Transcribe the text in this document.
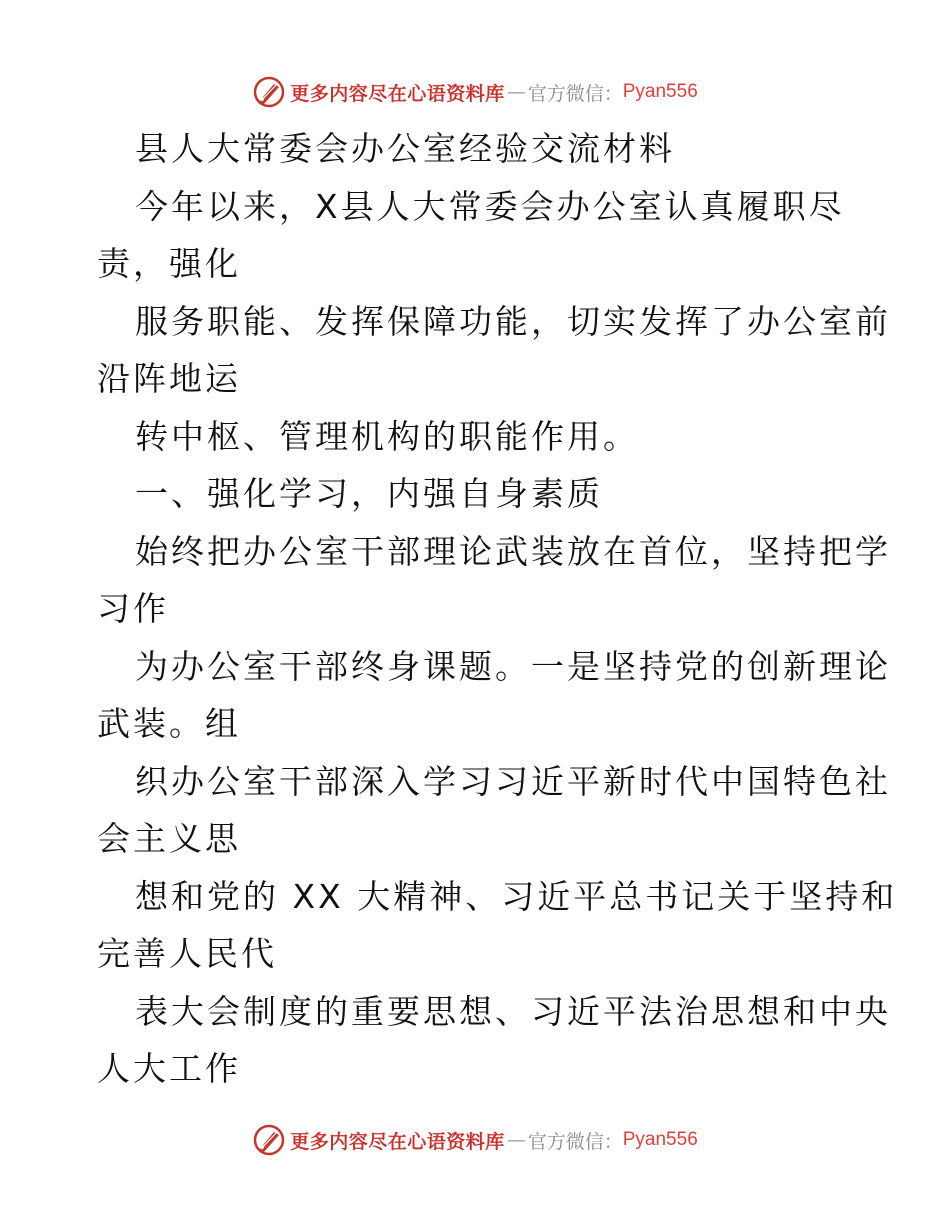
更多内容尽在心语资料库 — 官方微信： Pyan556
县人大常委会办公室经验交流材料
今年以来，X县人大常委会办公室认真履职尽
责，强化
服务职能、发挥保障功能，切实发挥了办公室前
沿阵地运
转中枢、管理机构的职能作用。
一、强化学习，内强自身素质
始终把办公室干部理论武装放在首位，坚持把学
习作
为办公室干部终身课题。一是坚持党的创新理论
武装。组
织办公室干部深入学习习近平新时代中国特色社
会主义思
想和党的 XX 大精神、习近平总书记关于坚持和
完善人民代
表大会制度的重要思想、习近平法治思想和中央
人大工作
更多内容尽在心语资料库 — 官方微信： Pyan556
